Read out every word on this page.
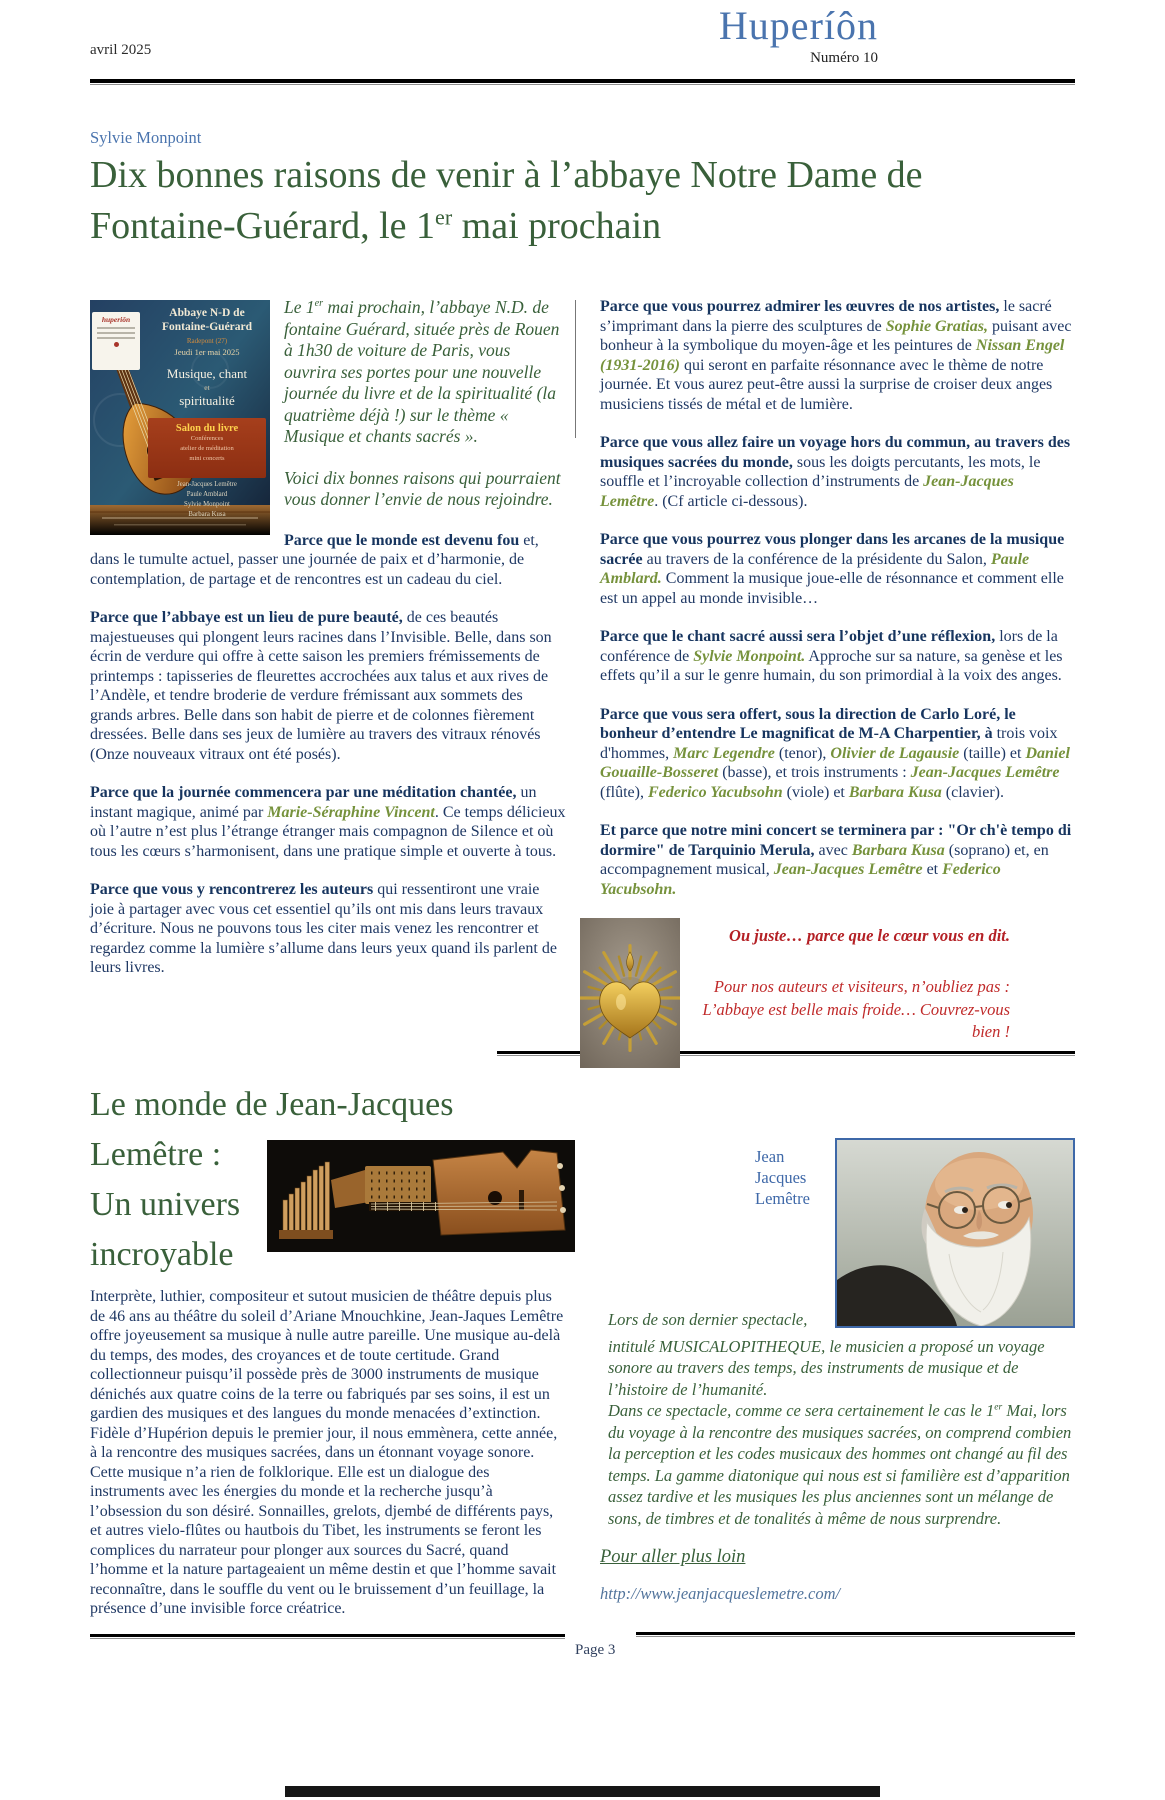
avril 2025
Huperíôn
Numéro 10
Sylvie Monpoint

Dix bonnes raisons de venir à l’abbaye Notre Dame de Fontaine-Guérard, le 1er mai prochain

huperiôn
Abbaye N-D de
Fontaine-Guérard
Radepont (27)
Jeudi 1er mai 2025
Musique, chant
et
spiritualité
Salon du livre
Conférences
atelier de méditation
mini concerts
Jean-Jacques Lemêtre
Paule Amblard
Sylvie Monpoint
Barbara Kusa

Le 1er mai prochain, l’abbaye N.D. de fontaine Guérard, située près de Rouen à 1h30 de voiture de Paris, vous ouvrira ses portes pour une nouvelle journée du livre et de la spiritualité (la quatrième déjà !) sur le thème « Musique et chants sacrés ».

Voici dix bonnes raisons qui pourraient vous donner l’envie de nous rejoindre.

Parce que le monde est devenu fou et, dans le tumulte actuel, passer une journée de paix et d’harmonie, de contemplation, de partage et de rencontres est un cadeau du ciel.

Parce que l’abbaye est un lieu de pure beauté, de ces beautés majestueuses qui plongent leurs racines dans l’Invisible. Belle, dans son écrin de verdure qui offre à cette saison les premiers frémissements de printemps : tapisseries de fleurettes accrochées aux talus et aux rives de l’Andèle, et tendre broderie de verdure frémissant aux sommets des grands arbres. Belle dans son habit de pierre et de colonnes fièrement dressées. Belle dans ses jeux de lumière au travers des vitraux rénovés (Onze nouveaux vitraux ont été posés).

Parce que la journée commencera par une méditation chantée, un instant magique, animé par Marie-Séraphine Vincent. Ce temps délicieux où l’autre n’est plus l’étrange étranger mais compagnon de Silence et où tous les cœurs s’harmonisent, dans une pratique simple et ouverte à tous.

Parce que vous y rencontrerez les auteurs qui ressentiront une vraie joie à partager avec vous cet essentiel qu’ils ont mis dans leurs travaux d’écriture. Nous ne pouvons tous les citer mais venez les rencontrer et regardez comme la lumière s’allume dans leurs yeux quand ils parlent de leurs livres.

Parce que vous pourrez admirer les œuvres de nos artistes, le sacré s’imprimant dans la pierre des sculptures de Sophie Gratias, puisant avec bonheur à la symbolique du moyen-âge et les peintures de Nissan Engel (1931-2016) qui seront en parfaite résonnance avec le thème de notre journée. Et vous aurez peut-être aussi la surprise de croiser deux anges musiciens tissés de métal et de lumière.

Parce que vous allez faire un voyage hors du commun, au travers des musiques sacrées du monde, sous les doigts percutants, les mots, le souffle et l’incroyable collection d’instruments de Jean-Jacques Lemêtre. (Cf article ci-dessous).

Parce que vous pourrez vous plonger dans les arcanes de la musique sacrée au travers de la conférence de la présidente du Salon, Paule Amblard. Comment la musique joue-elle de résonnance et comment elle est un appel au monde invisible…

Parce que le chant sacré aussi sera l’objet d’une réflexion, lors de la conférence de Sylvie Monpoint. Approche sur sa nature, sa genèse et les effets qu’il a sur le genre humain, du son primordial à la voix des anges.

Parce que vous sera offert, sous la direction de Carlo Loré, le bonheur d’entendre Le magnificat de M-A Charpentier, à trois voix d'hommes, Marc Legendre (tenor), Olivier de Lagausie (taille) et Daniel Gouaille-Bosseret (basse), et trois instruments : Jean-Jacques Lemêtre (flûte), Federico Yacubsohn (viole) et Barbara Kusa (clavier).

Et parce que notre mini concert se terminera par : "Or ch'è tempo di dormire" de Tarquinio Merula, avec Barbara Kusa (soprano) et, en accompagnement musical, Jean-Jacques Lemêtre et Federico Yacubsohn.

Ou juste… parce que le cœur vous en dit.
Pour nos auteurs et visiteurs, n’oubliez pas :
L’abbaye est belle mais froide… Couvrez-vous bien !
Le monde de Jean-Jacques
Lemêtre :
Un univers
incroyable

Interprète, luthier, compositeur et sutout musicien de théâtre depuis plus de 46 ans au théâtre du soleil d’Ariane Mnouchkine, Jean-Jaques Lemêtre offre joyeusement sa musique à nulle autre pareille. Une musique au-delà du temps, des modes, des croyances et de toute certitude. Grand collectionneur puisqu’il possède près de 3000 instruments de musique dénichés aux quatre coins de la terre ou fabriqués par ses soins, il est un gardien des musiques et des langues du monde menacées d’extinction. Fidèle d’Hupérion depuis le premier jour, il nous emmènera, cette année, à la rencontre des musiques sacrées, dans un étonnant voyage sonore. Cette musique n’a rien de folklorique. Elle est un dialogue des instruments avec les énergies du monde et la recherche jusqu’à l’obsession du son désiré. Sonnailles, grelots, djembé de différents pays, et autres vielo-flûtes ou hautbois du Tibet, les instruments se feront les complices du narrateur pour plonger aux sources du Sacré, quand l’homme et la nature partageaient un même destin et que l’homme savait reconnaître, dans le souffle du vent ou le bruissement d’un feuillage, la présence d’une invisible force créatrice.

Jean
Jacques
Lemêtre
Lors de son dernier spectacle,

intitulé MUSICALOPITHEQUE, le musicien a proposé un voyage sonore au travers des temps, des instruments de musique et de l’histoire de l’humanité.

Dans ce spectacle, comme ce sera certainement le cas le 1er Mai, lors du voyage à la rencontre des musiques sacrées, on comprend combien la perception et les codes musicaux des hommes ont changé au fil des temps. La gamme diatonique qui nous est si familière est d’apparition assez tardive et les musiques les plus anciennes sont un mélange de sons, de timbres et de tonalités à même de nous surprendre.

Pour aller plus loin
http://www.jeanjacqueslemetre.com/
Page 3
